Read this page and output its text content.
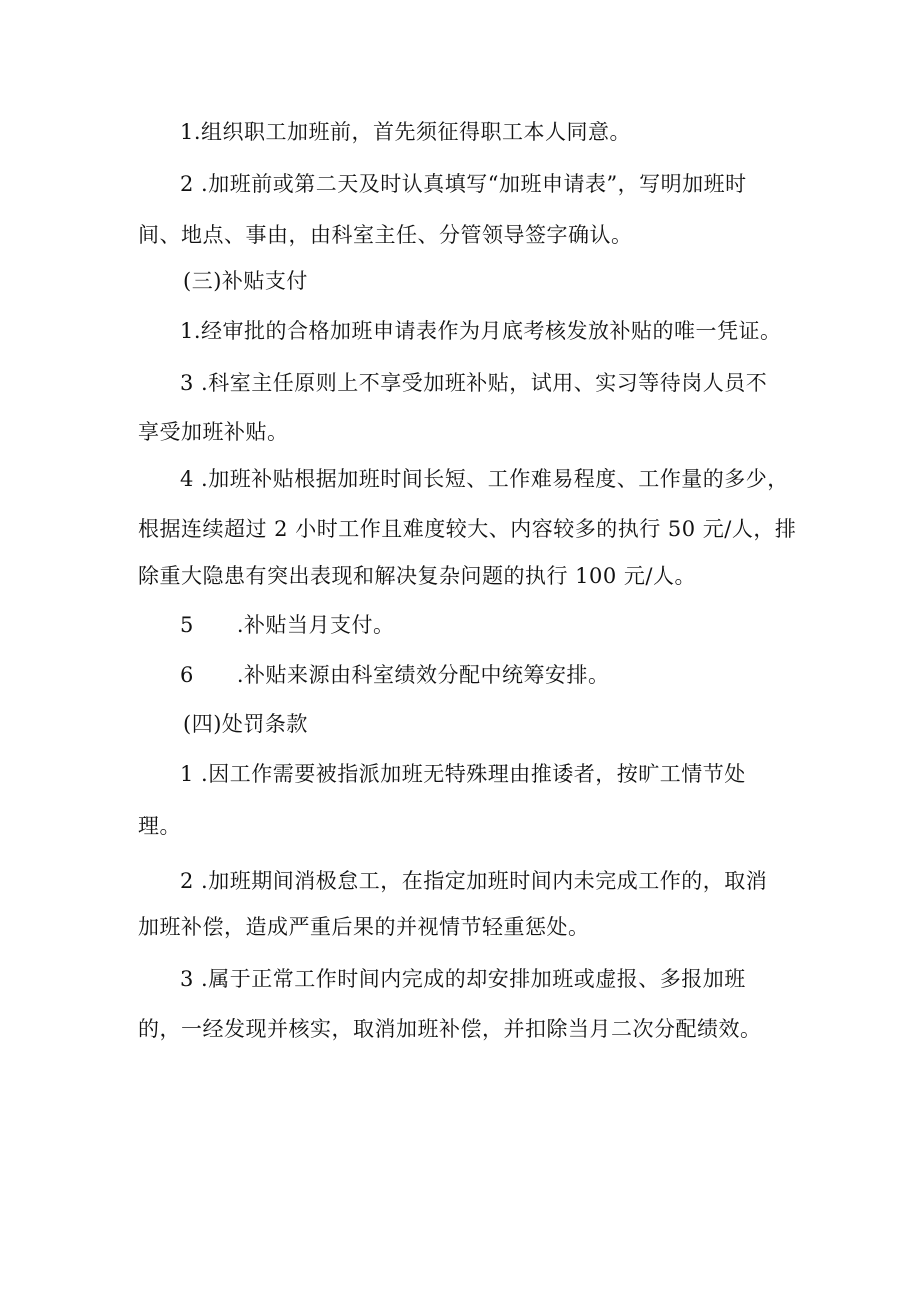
1.组织职工加班前，首先须征得职工本人同意。
2 .加班前或第二天及时认真填写“加班申请表”，写明加班时
间、地点、事由，由科室主任、分管领导签字确认。
(三)补贴支付
1.经审批的合格加班申请表作为月底考核发放补贴的唯一凭证。
3 .科室主任原则上不享受加班补贴，试用、实习等待岗人员不
享受加班补贴。
4 .加班补贴根据加班时间长短、工作难易程度、工作量的多少，
根据连续超过 2 小时工作且难度较大、内容较多的执行 50 元/人，排
除重大隐患有突出表现和解决复杂问题的执行 100 元/人。
5　　.补贴当月支付。
6　　.补贴来源由科室绩效分配中统筹安排。
(四)处罚条款
1 .因工作需要被指派加班无特殊理由推诿者，按旷工情节处
理。
2 .加班期间消极怠工，在指定加班时间内未完成工作的，取消
加班补偿，造成严重后果的并视情节轻重惩处。
3 .属于正常工作时间内完成的却安排加班或虚报、多报加班
的，一经发现并核实，取消加班补偿，并扣除当月二次分配绩效。
